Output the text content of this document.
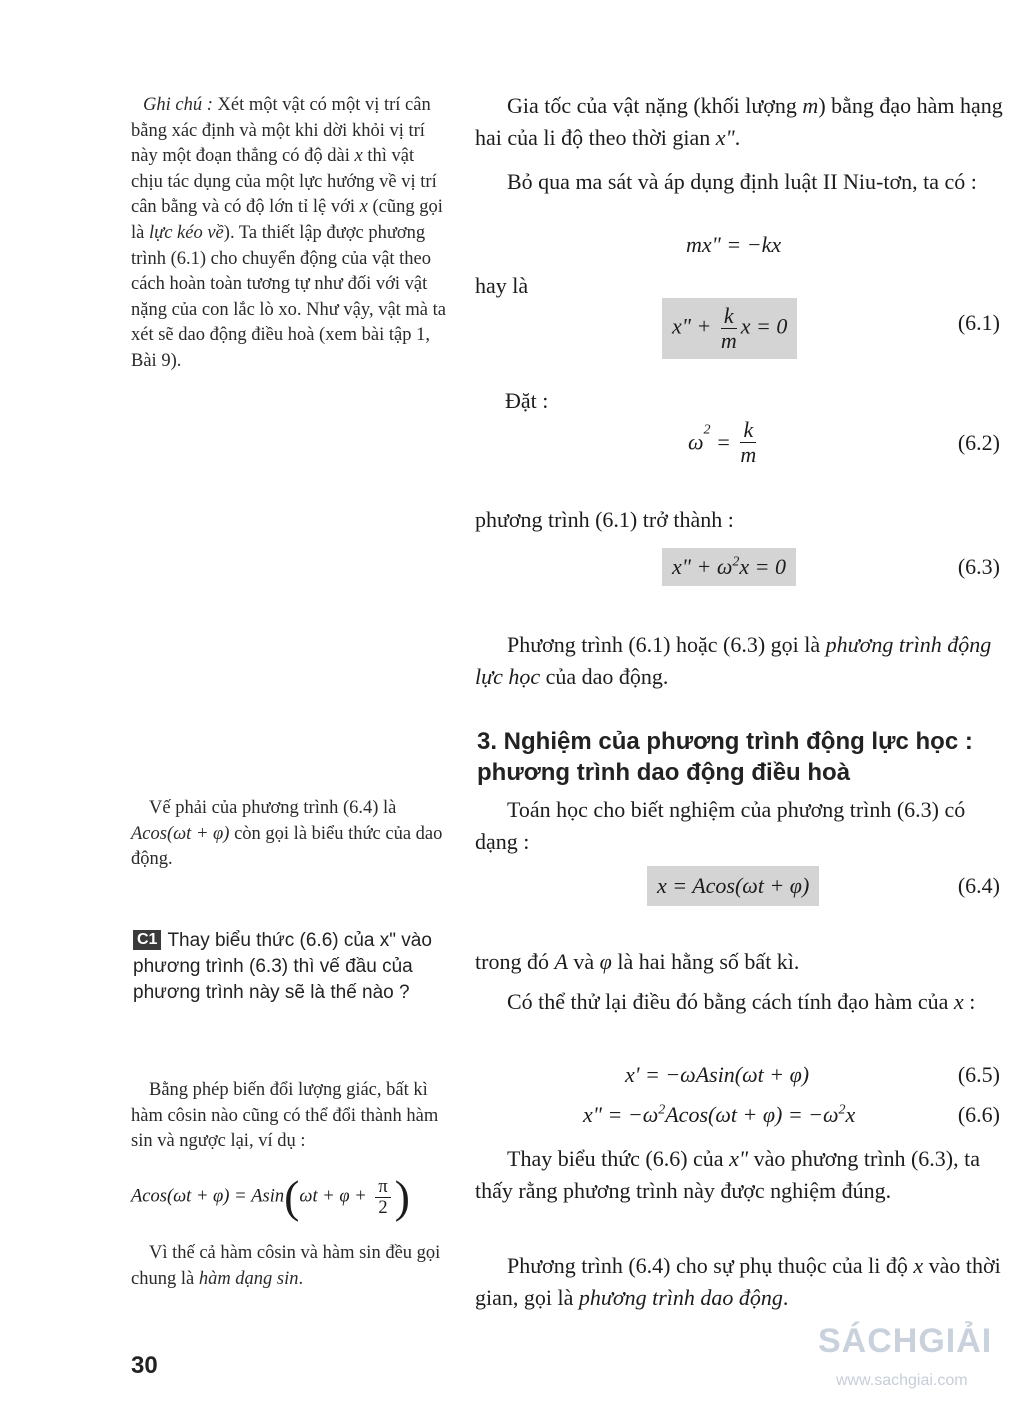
Ghi chú : Xét một vật có một vị trí cân bằng xác định và một khi dời khỏi vị trí này một đoạn thẳng có độ dài x thì vật chịu tác dụng của một lực hướng về vị trí cân bằng và có độ lớn tỉ lệ với x (cũng gọi là lực kéo về). Ta thiết lập được phương trình (6.1) cho chuyển động của vật theo cách hoàn toàn tương tự như đối với vật nặng của con lắc lò xo. Như vậy, vật mà ta xét sẽ dao động điều hoà (xem bài tập 1, Bài 9).
Vế phải của phương trình (6.4) là Acos(ωt + φ) còn gọi là biểu thức của dao động.
C1 Thay biểu thức (6.6) của x" vào phương trình (6.3) thì vế đầu của phương trình này sẽ là thế nào ?
Bằng phép biến đổi lượng giác, bất kì hàm côsin nào cũng có thể đổi thành hàm sin và ngược lại, ví dụ :
$Acos(\omega t + \varphi) = Asin(\omega t + \varphi + \frac{\pi}{2}$ )
Vì thế cả hàm côsin và hàm sin đều gọi chung là hàm dạng sin.
Gia tốc của vật nặng (khối lượng m) bằng đạo hàm hạng hai của li độ theo thời gian x".
Bỏ qua ma sát và áp dụng định luật II Niu-tơn, ta có :
mx" = −kx
hay là
x" + $\frac{k}{m}$ x = 0	(6.1)
Đặt :
$\omega^2 = \frac{k}{m}$	(6.2)
phương trình (6.1) trở thành :
x" + $\omega^2x = 0$	(6.3)
Phương trình (6.1) hoặc (6.3) gọi là phương trình động lực học của dao động.
3. Nghiệm của phương trình động lực học : phương trình dao động điều hoà
Toán học cho biết nghiệm của phương trình (6.3) có dạng :
x = Acos(ωt + φ)	(6.4)
trong đó A và φ là hai hằng số bất kì.
Có thể thử lại điều đó bằng cách tính đạo hàm của x :
x' = −ωAsin(ωt + φ)	(6.5)
x" = $-\omega^2Acos(\omega t + \varphi) = -\omega^2x$	(6.6)
Thay biểu thức (6.6) của x" vào phương trình (6.3), ta thấy rằng phương trình này được nghiệm đúng.
Phương trình (6.4) cho sự phụ thuộc của li độ x vào thời gian, gọi là phương trình dao động.
30
SÁCHGIẢI
www.sachgiai.com
